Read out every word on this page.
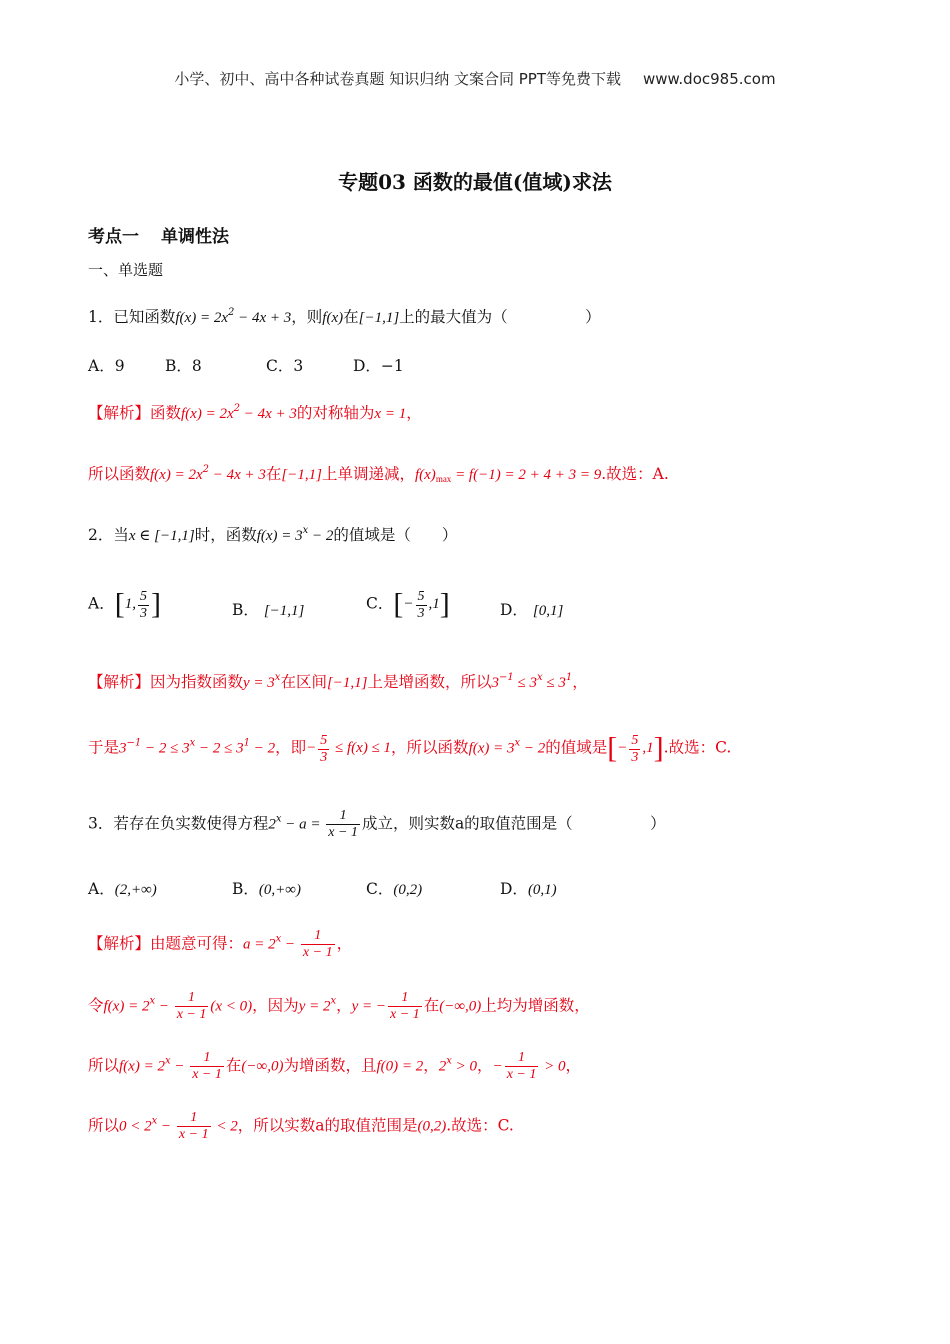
小学、初中、高中各种试卷真题 知识归纳 文案合同 PPT等免费下载 www.doc985.com
专题03 函数的最值(值域)求法
考点一 单调性法
一、单选题
1．已知函数$f(x) = 2x^2 - 4x + 3$，则f(x)在[−1,1]上的最大值为（　　　　　）
A．9	B．8	C．3	D．−1
【解析】函数$f(x) = 2x^2 - 4x + 3$的对称轴为x = 1，
所以函数$f(x) = 2x^2 - 4x + 3$在[−1,1]上单调递减，f(x)max = f(−1) = 2 + 4 + 3 = 9.故选：A.
2．当x ∈ [−1,1]时，函数$f(x) = 3^x - 2$的值域是（　　）
A．[1, $\frac{5}{3}$ ]	B． [−1,1]	C．[− $\frac{5}{3} ,1$]	D． [0,1]
【解析】因为指数函数$y = 3^x$在区间[−1,1]上是增函数，所以$3^{-1} \le 3^x \le 3^1$，
于是$3^{-1} - 2 \le 3^x - 2 \le 3^1 - 2$，即− $\frac{5}{3} \le f(x) \le 1$，所以函数$f(x) = 3^x - 2$的值域是[− $\frac{5}{3} ,1$].故选：C.
3．若存在负实数使得方程$2^x - a = \frac{1}{x - 1}$ 成立，则实数a的取值范围是（　　　　　）
A．(2,+∞)	B．(0,+∞)	C．(0,2)	D．(0,1)
【解析】由题意可得：$a = 2^x - \frac{1}{x - 1}$ ，
令$f(x) = 2^x - \frac{1}{x - 1} (x < 0)$，因为$y = 2^x$，y = − $\frac{1}{x - 1}$ 在(−∞,0)上均为增函数，
所以$f(x) = 2^x - \frac{1}{x - 1}$ 在(−∞,0)为增函数，且f(0) = 2，$2^x > 0$，− $\frac{1}{x - 1} > 0$，
所以$0 < 2^x - \frac{1}{x - 1} < 2$，所以实数a的取值范围是(0,2).故选：C.
